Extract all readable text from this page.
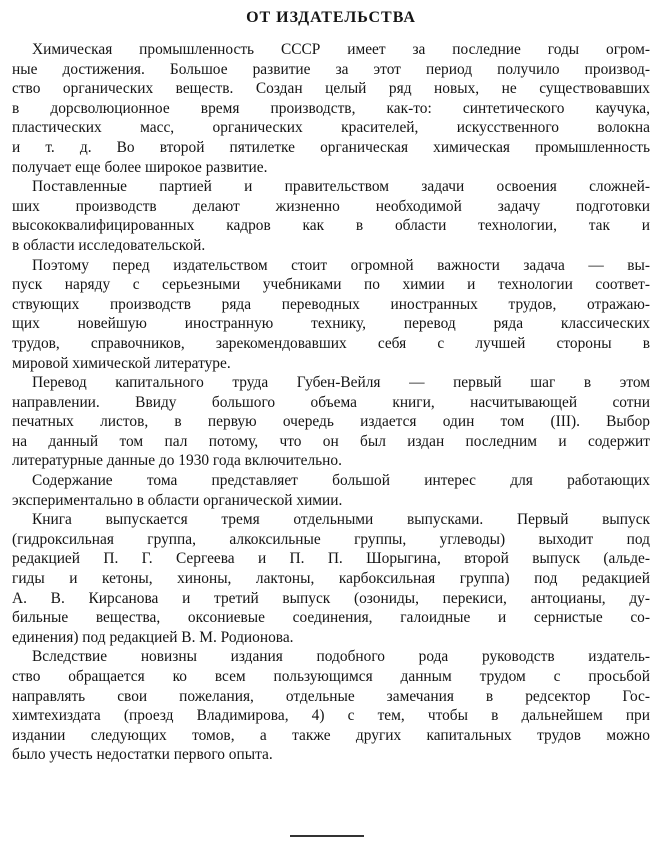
ОТ ИЗДАТЕЛЬСТВА

Химическая промышленность СССР имеет за последние годы огром-
ные достижения. Большое развитие за этот период получило производ-
ство органических веществ. Создан целый ряд новых, не существовавших
в дорсволюционное время производств, как-то: синтетического каучука,
пластических масс, органических красителей, искусственного волокна
и т. д. Во второй пятилетке органическая химическая промышленность
получает еще более широкое развитие.

Поставленные партией и правительством задачи освоения сложней-
ших производств делают жизненно необходимой задачу подготовки
высококвалифицированных кадров как в области технологии, так и
в области исследовательской.

Поэтому перед издательством стоит огромной важности задача — вы-
пуск наряду с серьезными учебниками по химии и технологии соответ-
ствующих производств ряда переводных иностранных трудов, отражаю-
щих новейшую иностранную технику, перевод ряда классических
трудов, справочников, зарекомендовавших себя с лучшей стороны в
мировой химической литературе.

Перевод капитального труда Губен-Вейля — первый шаг в этом
направлении. Ввиду большого объема книги, насчитывающей сотни
печатных листов, в первую очередь издается один том (III). Выбор
на данный том пал потому, что он был издан последним и содержит
литературные данные до 1930 года включительно.

Содержание тома представляет большой интерес для работающих
экспериментально в области органической химии.

Книга выпускается тремя отдельными выпусками. Первый выпуск
(гидроксильная группа, алкоксильные группы, углеводы) выходит под
редакцией П. Г. Сергеева и П. П. Шорыгина, второй выпуск (альде-
гиды и кетоны, хиноны, лактоны, карбоксильная группа) под редакцией
А. В. Кирсанова и третий выпуск (озониды, перекиси, антоцианы, ду-
бильные вещества, оксониевые соединения, галоидные и сернистые со-
единения) под редакцией В. М. Родионова.

Вследствие новизны издания подобного рода руководств издатель-
ство обращается ко всем пользующимся данным трудом с просьбой
направлять свои пожелания, отдельные замечания в редсектор Гос-
химтехиздата (проезд Владимирова, 4) с тем, чтобы в дальнейшем при
издании следующих томов, а также других капитальных трудов можно
было учесть недостатки первого опыта.
